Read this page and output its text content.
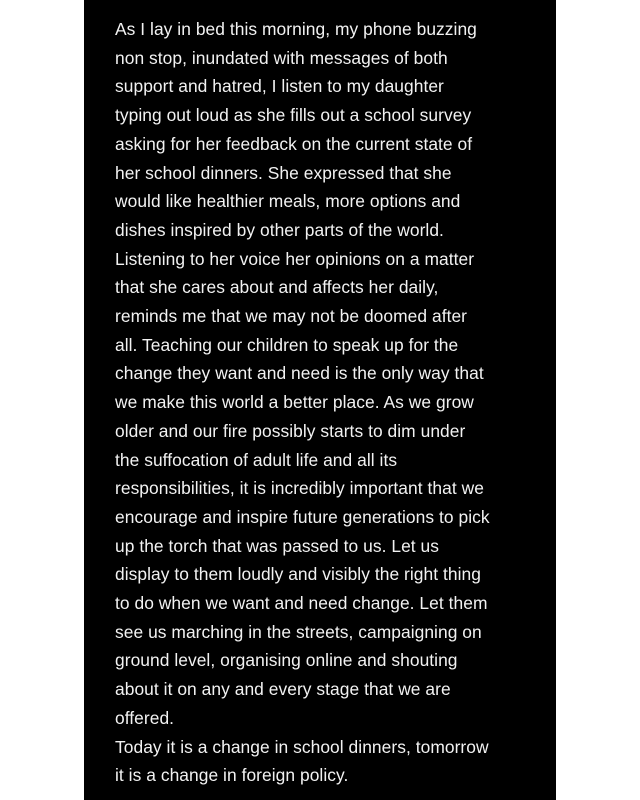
As I lay in bed this morning, my phone buzzing
non stop, inundated with messages of both
support and hatred, I listen to my daughter
typing out loud as she fills out a school survey
asking for her feedback on the current state of
her school dinners. She expressed that she
would like healthier meals, more options and
dishes inspired by other parts of the world.
Listening to her voice her opinions on a matter
that she cares about and affects her daily,
reminds me that we may not be doomed after
all. Teaching our children to speak up for the
change they want and need is the only way that
we make this world a better place. As we grow
older and our fire possibly starts to dim under
the suffocation of adult life and all its
responsibilities, it is incredibly important that we
encourage and inspire future generations to pick
up the torch that was passed to us. Let us
display to them loudly and visibly the right thing
to do when we want and need change. Let them
see us marching in the streets, campaigning on
ground level, organising online and shouting
about it on any and every stage that we are
offered.
Today it is a change in school dinners, tomorrow
it is a change in foreign policy.
